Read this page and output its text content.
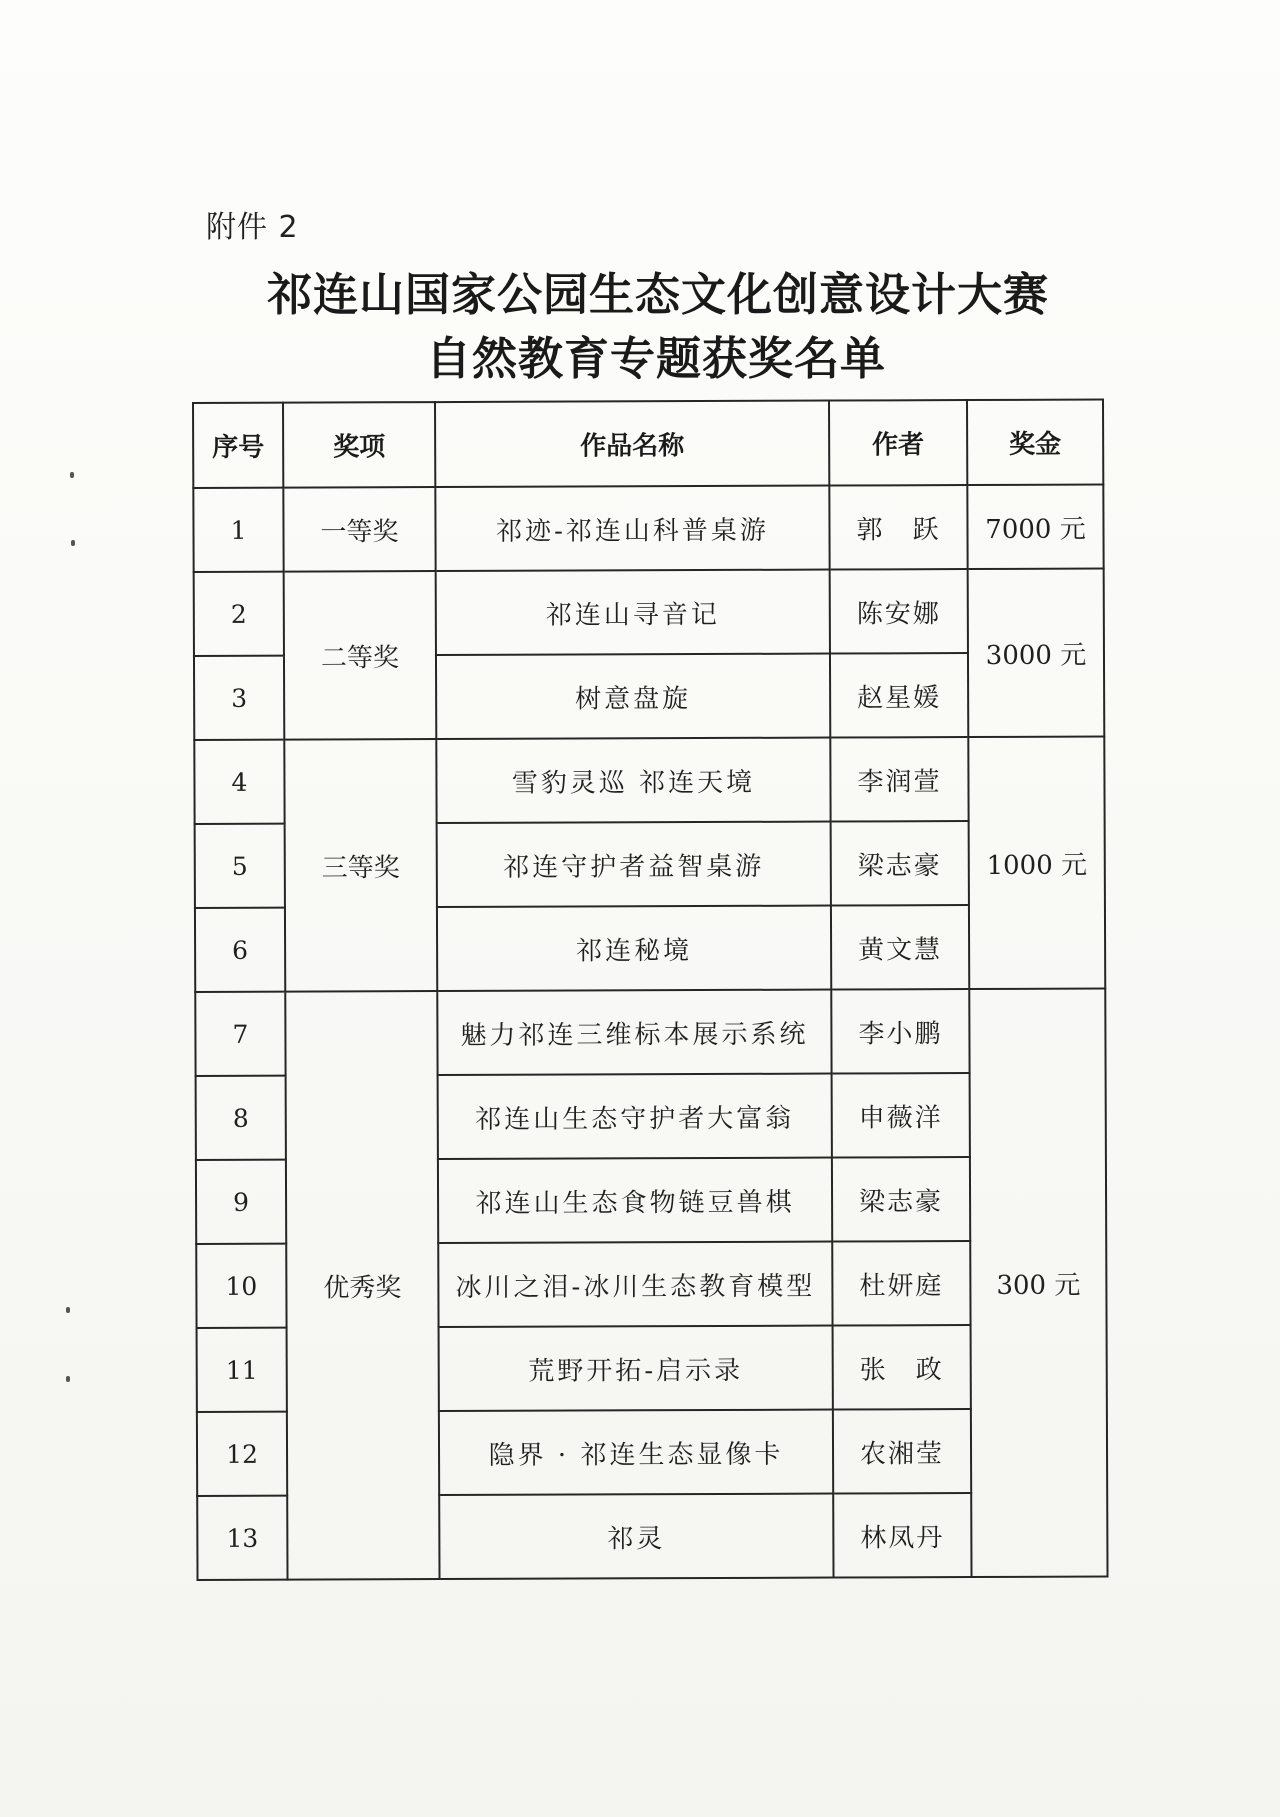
附件 2
祁连山国家公园生态文化创意设计大赛
自然教育专题获奖名单
序号	奖项	作品名称	作者	奖金
1	一等奖	祁迹-祁连山科普桌游	郭　跃	7000 元
2	二等奖	祁连山寻音记	陈安娜	3000 元
3		树意盘旋	赵星媛	
4	三等奖	雪豹灵巡 祁连天境	李润萱	1000 元
5		祁连守护者益智桌游	梁志豪	
6		祁连秘境	黄文慧	
7	优秀奖	魅力祁连三维标本展示系统	李小鹏	300 元
8		祁连山生态守护者大富翁	申薇洋	
9		祁连山生态食物链豆兽棋	梁志豪	
10		冰川之泪-冰川生态教育模型	杜妍庭	
11		荒野开拓-启示录	张　政	
12		隐界 · 祁连生态显像卡	农湘莹	
13		祁灵	林凤丹	
